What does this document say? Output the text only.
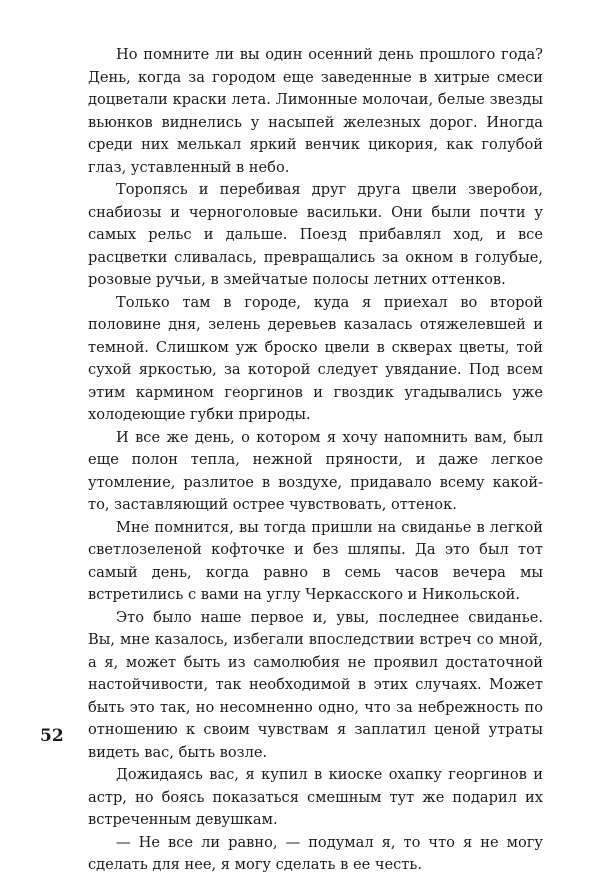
Но помните ли вы один осенний день прошлого года? День, когда за городом еще заведенные в хитрые смеси доцветали краски лета. Лимонные молочаи, белые звезды вьюнков виднелись у насыпей железных дорог. Иногда среди них мелькал яркий венчик цикория, как голубой глаз, уставленный в небо.

Торопясь и перебивая друг друга цвели зверобои, снабиозы и черноголовые васильки. Они были почти у самых рельс и дальше. Поезд прибавлял ход, и все расцветки сливалась, превращались за окном в голубые, розовые ручьи, в змейчатые полосы летних оттенков.

Только там в городе, куда я приехал во второй половине дня, зелень деревьев казалась отяжелевшей и темной. Слишком уж броско цвели в скверах цветы, той сухой яркостью, за которой следует увядание. Под всем этим кармином георгинов и гвоздик угадывались уже холодеющие губки природы.

И все же день, о котором я хочу напомнить вам, был еще полон тепла, нежной пряности, и даже легкое утомление, разлитое в воздухе, придавало всему какой-то, заставляющий острее чувствовать, оттенок.

Мне помнится, вы тогда пришли на свиданье в легкой светлозеленой кофточке и без шляпы. Да это был тот самый день, когда равно в семь часов вечера мы встретились с вами на углу Черкасского и Никольской.

Это было наше первое и, увы, последнее свиданье. Вы, мне казалось, избегали впоследствии встреч со мной, а я, может быть из самолюбия не проявил достаточной настойчивости, так необходимой в этих случаях. Может быть это так, но несомненно одно, что за небрежность по отношению к своим чувствам я заплатил ценой утраты видеть вас, быть возле.

Дожидаясь вас, я купил в киоске охапку георгинов и астр, но боясь показаться смешным тут же подарил их встреченным девушкам.

— Не все ли равно, — подумал я, то что я не могу сделать для нее, я могу сделать в ее честь.

52
